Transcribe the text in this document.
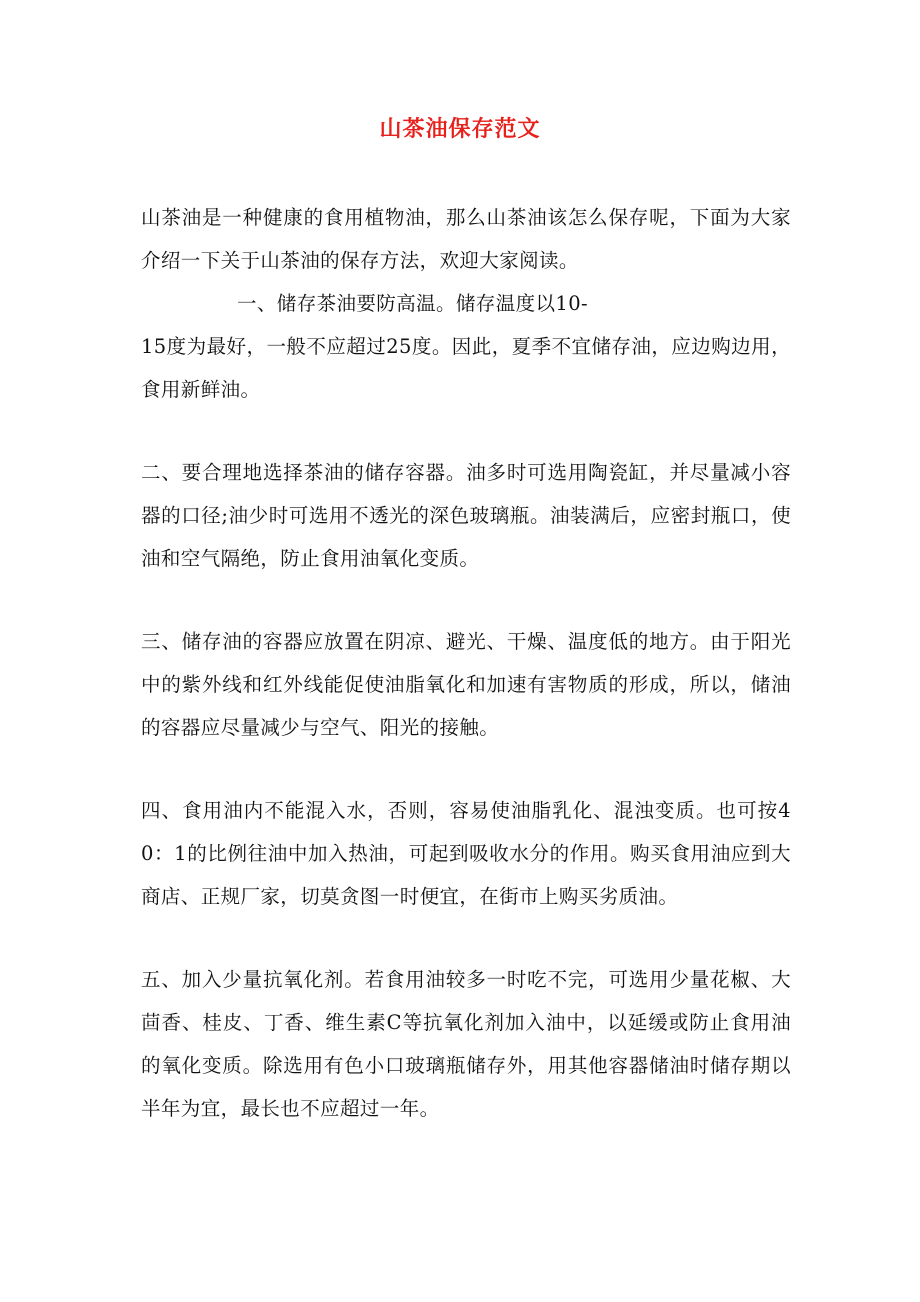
山茶油保存范文

山茶油是一种健康的食用植物油，那么山茶油该怎么保存呢，下面为大家介绍一下关于山茶油的保存方法，欢迎大家阅读。

一、储存茶油要防高温。储存温度以10-

15度为最好，一般不应超过25度。因此，夏季不宜储存油，应边购边用，食用新鲜油。

二、要合理地选择茶油的储存容器。油多时可选用陶瓷缸，并尽量减小容器的口径;油少时可选用不透光的深色玻璃瓶。油装满后，应密封瓶口，使油和空气隔绝，防止食用油氧化变质。

三、储存油的容器应放置在阴凉、避光、干燥、温度低的地方。由于阳光中的紫外线和红外线能促使油脂氧化和加速有害物质的形成，所以，储油的容器应尽量减少与空气、阳光的接触。

四、食用油内不能混入水，否则，容易使油脂乳化、混浊变质。也可按40：1的比例往油中加入热油，可起到吸收水分的作用。购买食用油应到大商店、正规厂家，切莫贪图一时便宜，在街市上购买劣质油。

五、加入少量抗氧化剂。若食用油较多一时吃不完，可选用少量花椒、大茴香、桂皮、丁香、维生素C等抗氧化剂加入油中，以延缓或防止食用油的氧化变质。除选用有色小口玻璃瓶储存外，用其他容器储油时储存期以半年为宜，最长也不应超过一年。
